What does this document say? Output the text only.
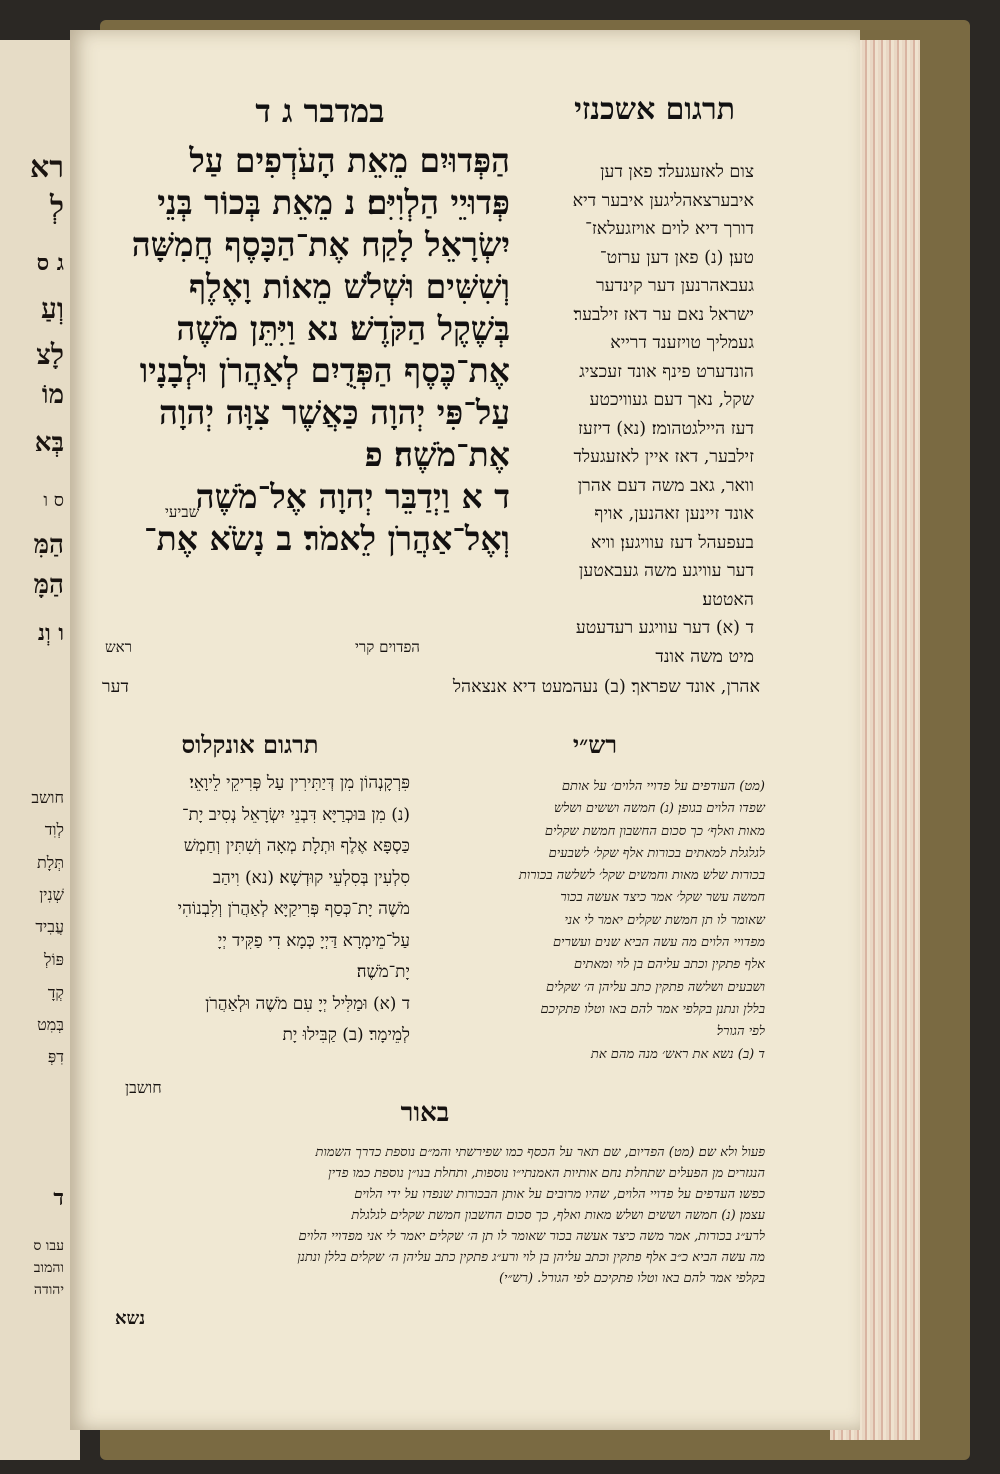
רא
לְ
ג ס
וְעַ
לָצ
מוֹ
בְּא
ס ו
הַמִּ
הַמָּ
ו וְנ
חושב
לְוִד
תְּלָת
שְׁנִין
עֲבִיד
פּוֹלְ
קְדָ
בְּמִט
דִפְּ
ד
עבו ס
והמוב
יהודה
תרגום אשכנזי
במדבר ג ד

הַפְּדוּיִם מֵאֵת הָעֹדְפִים עַל

פְּדוּיֵי הַלְוִיִּם׃ נ מֵאֵת בְּכוֹר בְּנֵי

יִשְׂרָאֵל לָקַח אֶת־הַכָּסֶף חֲמִשָּׁה

וְשִׁשִּׁים וּשְׁלֹשׁ מֵאוֹת וָאֶלֶף

בְּשֶׁקֶל הַקֹּדֶשׁ׃ נא וַיִּתֵּן מֹשֶׁה

אֶת־כֶּסֶף הַפְּדֻיִם לְאַהֲרֹן וּלְבָנָיו

עַל־פִּי יְהוָה כַּאֲשֶׁר צִוָּה יְהוָה

אֶת־מֹשֶׁה׃ פ

ד א וַיְדַבֵּר יְהוָה אֶל־מֹשֶׁה

וְאֶל־אַהֲרֹן לֵאמֹר׃ ב נָשֹׂא אֶת־

שביעי
הפדוים קרי
ראש

צום לאזעגעלד׃ פאן דען

איבערצאהליגען איבער דיא

דורך דיא לוים אויזגעלאז־

טען׃ (נ) פאן דען ערזט־

געבאהרנען דער קינדער

ישראל נאם ער דאז זילבער׃

געמליך טויזענד דרייא

הונדערט פינף אונד זעכציג

שקל, נאך דעם געוויכטע

דעז היילגטהומז׃ (נא) דיזעז

זילבער, דאז איין לאזעגעלד

וואר, גאב משה דעם אהרן

אונד זיינען זאהנען, אויף

בעפעהל דעז עוויגען׃ וויא

דער עוויגע משה געבאטען

האטטע׃

ד (א) דער עוויגע רעדעטע

מיט משה אונד

אהרן, אונד שפראך׃ (ב) נעהמעט דיא אנצאהל
דער
תרגום אונקלוס

פִּרְקָנְהוֹן מִן דְּיַתִּירִין עַל פְּרִיקֵי לֵיוָאֵי׃

(נ) מִן בּוּכְרַיָּא דִּבְנֵי יִשְׂרָאֵל נְסִיב יָת־

כַּסְפָּא אֶלֶף וּתְלָת מְאָה וְשִׁתִּין וְחַמְשׁ

סִלְעִין בְּסִלְעֵי קוּדְשָׁא׃ (נא) וִיהַב

מֹשֶׁה יָת־כְּסַף פְּרִיקַיָּא לְאַהֲרֹן וְלִבְנוֹהִי

עַל־מֵימְרָא דַּיְיָ כְּמָא דִי פַקִּיד יְיָ

יָת־מֹשֶׁה׃

ד (א) וּמַלִּיל יְיָ עִם מֹשֶׁה וּלְאַהֲרֹן

לְמֵימָר׃ (ב) קַבִּילוּ יָת

חושבן
רש״י

(מט) העודפים על פדויי הלוים׳ על אותם

שפדו הלוים בגופן׃ (נ) חמשה וששים ושלש

מאות ואלף׳ כך סכום החשבון חמשת שקלים

לגלגלת למאתים בכורות אלף שקל׳ לשבעים

בכורות שלש מאות וחמשים שקל׳ לשלשה בכורות

חמשה עשר שקל׳ אמר כיצד אעשה בכור

שאומר לו תן חמשת שקלים יאמר לי אני

מפדויי הלוים מה עשה הביא שנים ועשרים

אלף פתקין וכתב עליהם בן לוי ומאתים

ושבעים ושלשה פתקין כתב עליהן ה׳ שקלים

בללן ונתנן בקלפי אמר להם באו וטלו פתקיכם

לפי הגורל׃

ד (ב) נשא את ראש׳ מנה מהם את

באור

פעול ולא שם׃ (מט) הפדיום, שם תאר על הכסף כמו שפירשתי והמ״ם נוספת כדרך השמות

הנגזרים מן הפעלים שתחלת נחם אותיות האמנתי״ו נוספות, ותחלת בנו״ן נוספת כמו פדין

כפשו׃ העדפים על פדויי הלוים, שהיו מרובים על אותן הבכורות שנפדו על ידי הלוים

עצמן׃ (נ) חמשה וששים ושלש מאות ואלף, כך סכום החשבון חמשת שקלים לגלגלת

לרע״ג בכורות, אמר משה כיצד אעשה בכור שאומר לו תן ה׳ שקלים יאמר לי אני מפדויי הלוים

מה עשה הביא כ״ב אלף פתקין וכתב עליהן בן לוי ורע״ג פתקין כתב עליהן ה׳ שקלים בללן ונתנן

בקלפי אמר להם באו וטלו פתקיכם לפי הגורל. (רש״י)

נשא
